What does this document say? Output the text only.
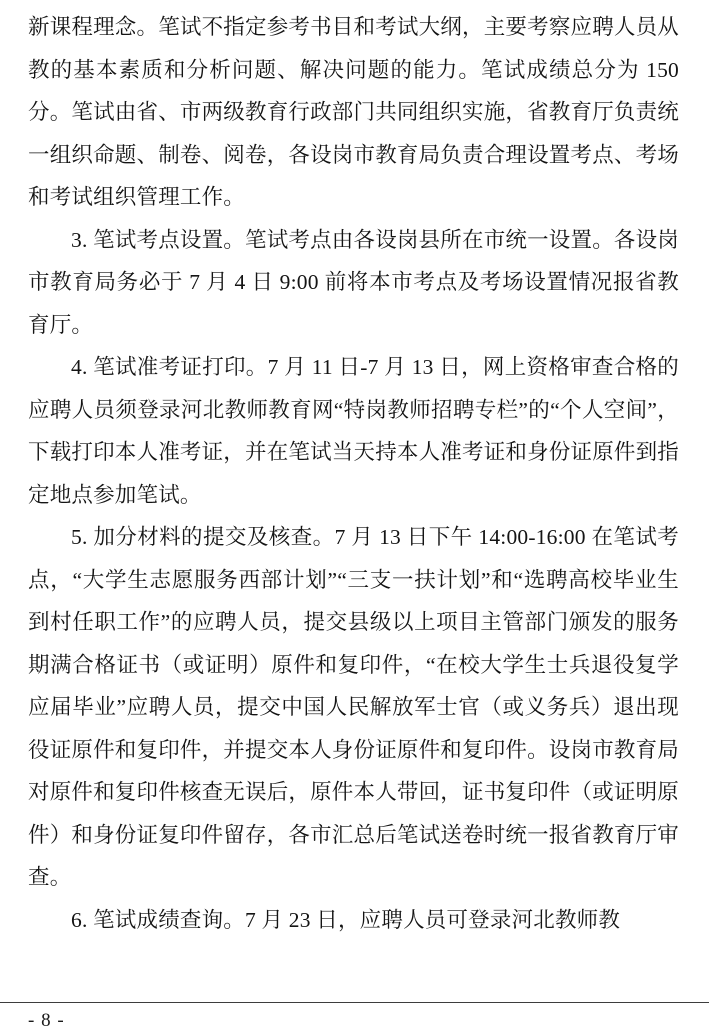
新课程理念。笔试不指定参考书目和考试大纲，主要考察应聘人员从教的基本素质和分析问题、解决问题的能力。笔试成绩总分为 150 分。笔试由省、市两级教育行政部门共同组织实施，省教育厅负责统一组织命题、制卷、阅卷，各设岗市教育局负责合理设置考点、考场和考试组织管理工作。

3. 笔试考点设置。笔试考点由各设岗县所在市统一设置。各设岗市教育局务必于 7 月 4 日 9:00 前将本市考点及考场设置情况报省教育厅。

4. 笔试准考证打印。7 月 11 日-7 月 13 日，网上资格审查合格的应聘人员须登录河北教师教育网“特岗教师招聘专栏”的“个人空间”，下载打印本人准考证，并在笔试当天持本人准考证和身份证原件到指定地点参加笔试。

5. 加分材料的提交及核查。7 月 13 日下午 14:00-16:00 在笔试考点，“大学生志愿服务西部计划”“三支一扶计划”和“选聘高校毕业生到村任职工作”的应聘人员，提交县级以上项目主管部门颁发的服务期满合格证书（或证明）原件和复印件，“在校大学生士兵退役复学应届毕业”应聘人员，提交中国人民解放军士官（或义务兵）退出现役证原件和复印件，并提交本人身份证原件和复印件。设岗市教育局对原件和复印件核查无误后，原件本人带回，证书复印件（或证明原件）和身份证复印件留存，各市汇总后笔试送卷时统一报省教育厅审查。

6. 笔试成绩查询。7 月 23 日，应聘人员可登录河北教师教

- 8 -
